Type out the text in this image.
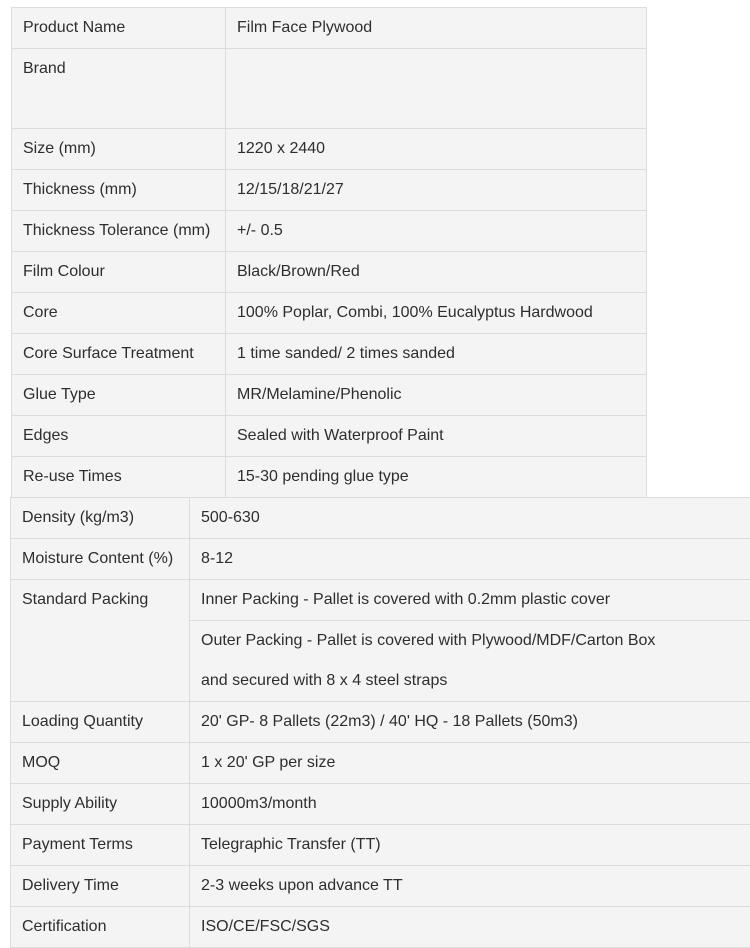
Product Name	Film Face Plywood
Brand	
Size (mm)	1220 x 2440
Thickness (mm)	12/15/18/21/27
Thickness Tolerance (mm)	+/- 0.5
Film Colour	Black/Brown/Red
Core	100% Poplar, Combi, 100% Eucalyptus Hardwood
Core Surface Treatment	1 time sanded/ 2 times sanded
Glue Type	MR/Melamine/Phenolic
Edges	Sealed with Waterproof Paint
Re-use Times	15-30 pending glue type
Density (kg/m3)	500-630
Moisture Content (%)	8-12
Standard Packing	Inner Packing - Pallet is covered with 0.2mm plastic cover

	Outer Packing - Pallet is covered with Plywood/MDF/Carton Box
and secured with 8 x 4 steel straps

Loading Quantity	20' GP- 8 Pallets (22m3) / 40' HQ - 18 Pallets (50m3)
MOQ	1 x 20' GP per size
Supply Ability	10000m3/month
Payment Terms	Telegraphic Transfer (TT)
Delivery Time	2-3 weeks upon advance TT
Certification	ISO/CE/FSC/SGS
